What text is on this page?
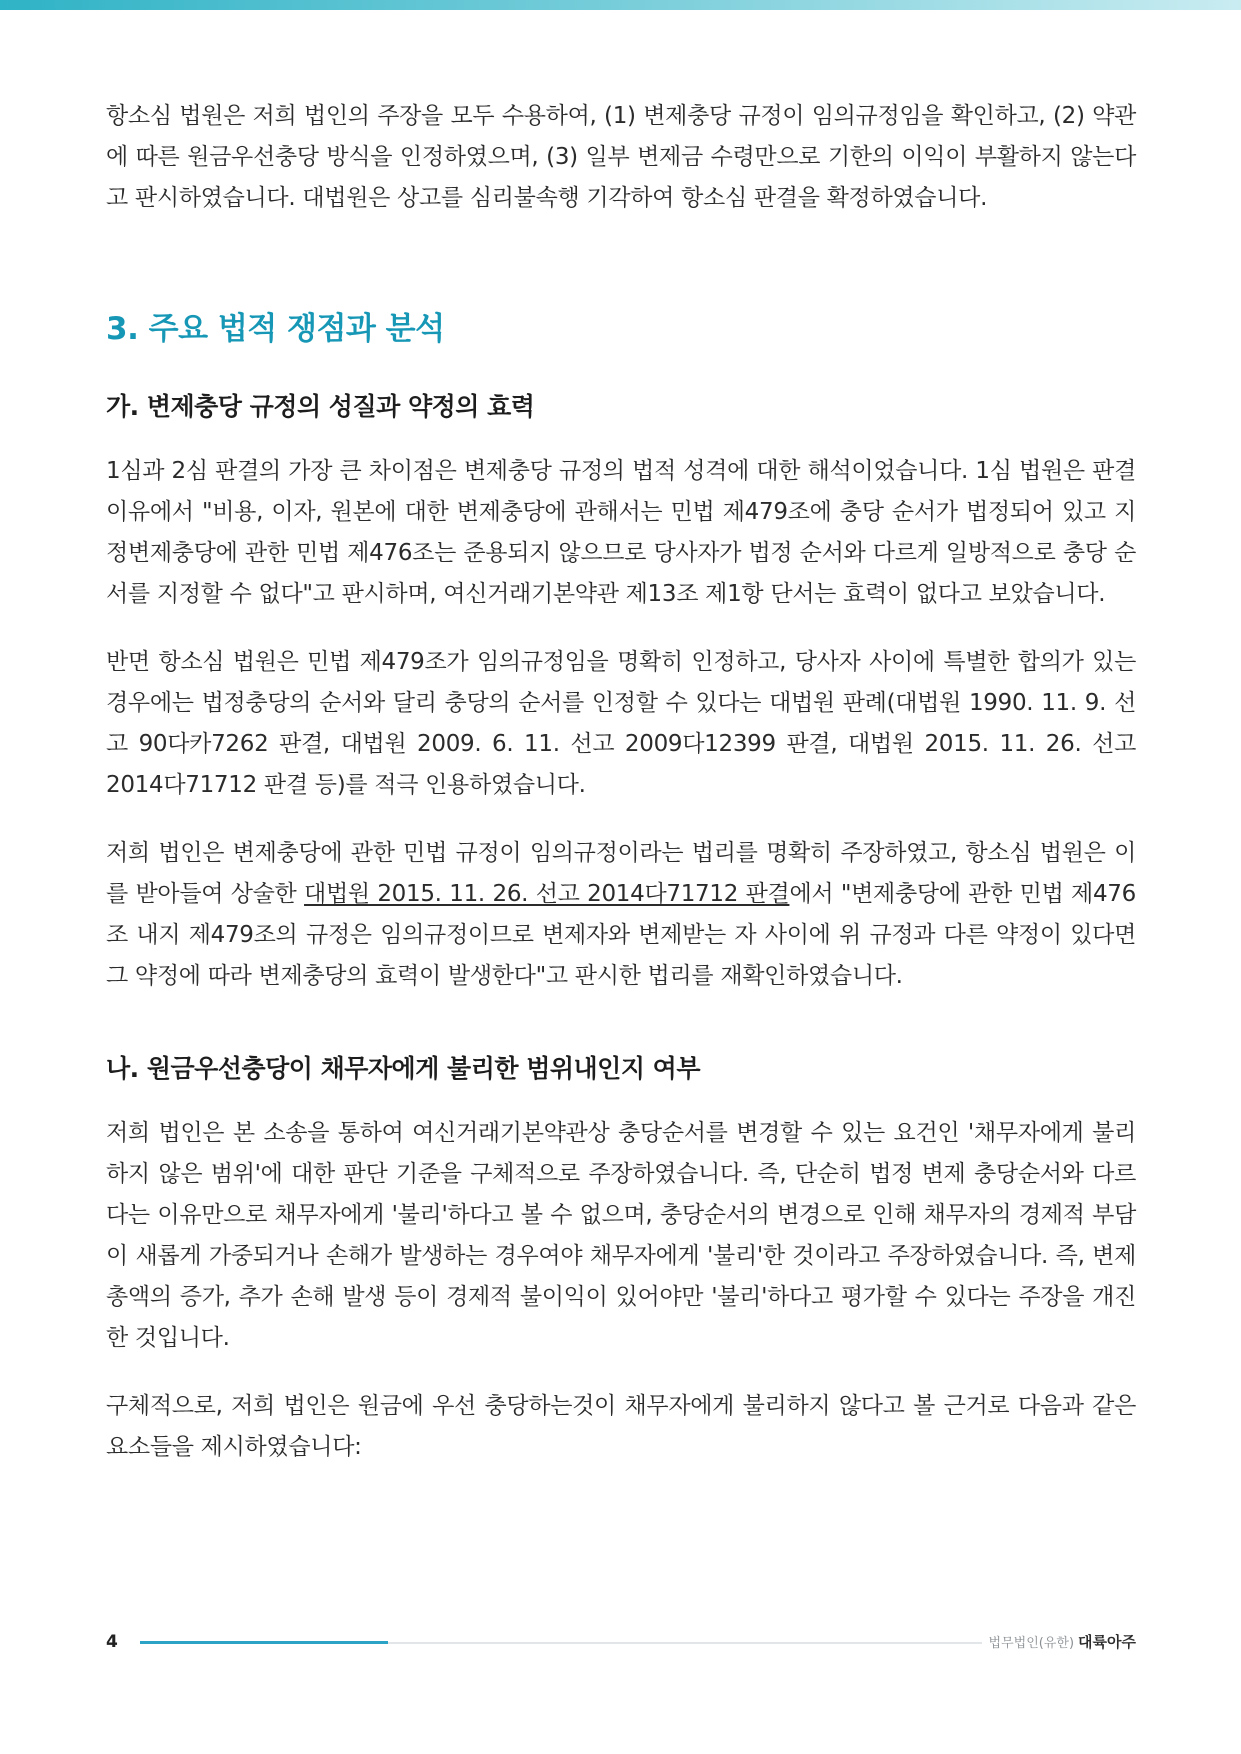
항소심 법원은 저희 법인의 주장을 모두 수용하여, (1) 변제충당 규정이 임의규정임을 확인하고, (2) 약관에 따른 원금우선충당 방식을 인정하였으며, (3) 일부 변제금 수령만으로 기한의 이익이 부활하지 않는다고 판시하였습니다. 대법원은 상고를 심리불속행 기각하여 항소심 판결을 확정하였습니다.

3. 주요 법적 쟁점과 분석
가. 변제충당 규정의 성질과 약정의 효력

1심과 2심 판결의 가장 큰 차이점은 변제충당 규정의 법적 성격에 대한 해석이었습니다. 1심 법원은 판결이유에서 "비용, 이자, 원본에 대한 변제충당에 관해서는 민법 제479조에 충당 순서가 법정되어 있고 지정변제충당에 관한 민법 제476조는 준용되지 않으므로 당사자가 법정 순서와 다르게 일방적으로 충당 순서를 지정할 수 없다"고 판시하며, 여신거래기본약관 제13조 제1항 단서는 효력이 없다고 보았습니다.

반면 항소심 법원은 민법 제479조가 임의규정임을 명확히 인정하고, 당사자 사이에 특별한 합의가 있는 경우에는 법정충당의 순서와 달리 충당의 순서를 인정할 수 있다는 대법원 판례(대법원 1990. 11. 9. 선고 90다카7262 판결, 대법원 2009. 6. 11. 선고 2009다12399 판결, 대법원 2015. 11. 26. 선고 2014다71712 판결 등)를 적극 인용하였습니다.

저희 법인은 변제충당에 관한 민법 규정이 임의규정이라는 법리를 명확히 주장하였고, 항소심 법원은 이를 받아들여 상술한 대법원 2015. 11. 26. 선고 2014다71712 판결에서 "변제충당에 관한 민법 제476조 내지 제479조의 규정은 임의규정이므로 변제자와 변제받는 자 사이에 위 규정과 다른 약정이 있다면 그 약정에 따라 변제충당의 효력이 발생한다"고 판시한 법리를 재확인하였습니다.

나. 원금우선충당이 채무자에게 불리한 범위내인지 여부

저희 법인은 본 소송을 통하여 여신거래기본약관상 충당순서를 변경할 수 있는 요건인 '채무자에게 불리하지 않은 범위'에 대한 판단 기준을 구체적으로 주장하였습니다. 즉, 단순히 법정 변제 충당순서와 다르다는 이유만으로 채무자에게 '불리'하다고 볼 수 없으며, 충당순서의 변경으로 인해 채무자의 경제적 부담이 새롭게 가중되거나 손해가 발생하는 경우여야 채무자에게 '불리'한 것이라고 주장하였습니다. 즉, 변제총액의 증가, 추가 손해 발생 등이 경제적 불이익이 있어야만 '불리'하다고 평가할 수 있다는 주장을 개진한 것입니다.

구체적으로, 저희 법인은 원금에 우선 충당하는것이 채무자에게 불리하지 않다고 볼 근거로 다음과 같은 요소들을 제시하였습니다:

4	법무법인(유한) 대륙아주
